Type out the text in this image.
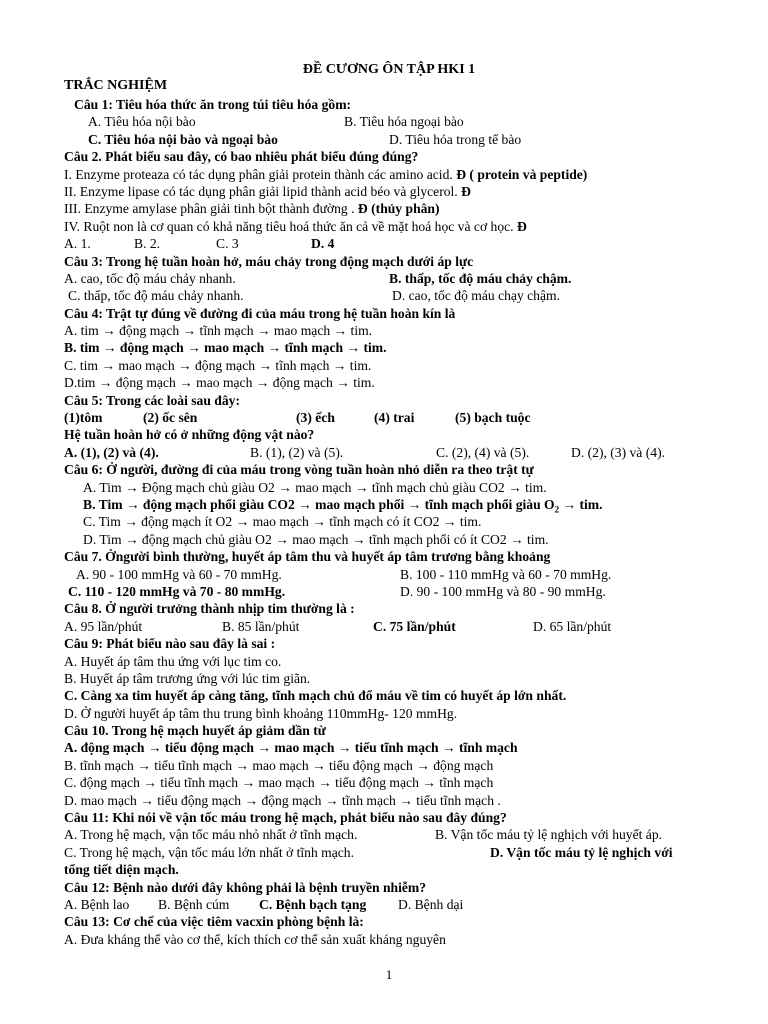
ĐỀ CƯƠNG ÔN TẬP HKI 1
TRẮC NGHIỆM
Câu 1: Tiêu hóa thức ăn trong túi tiêu hóa gồm:
A. Tiêu hóa nội bào	B. Tiêu hóa ngoại bào
C. Tiêu hóa nội bào và ngoại bào	D. Tiêu hóa trong tế bào
Câu 2. Phát biểu sau đây, có bao nhiêu phát biểu đúng đúng?
I. Enzyme proteaza có tác dụng phân giải protein thành các amino acid. Đ ( protein và peptide)
II. Enzyme lipase có tác dụng phân giải lipid thành acid béo và glycerol. Đ
III. Enzyme amylase phân giải tinh bột thành đường . Đ (thủy phân)
IV. Ruột non là cơ quan có khả năng tiêu hoá thức ăn cả về mặt hoá học và cơ học. Đ
A. 1.	B. 2.	C. 3	D. 4
Câu 3: Trong hệ tuần hoàn hở, máu chảy trong động mạch dưới áp lực
A. cao, tốc độ máu chảy nhanh.	B. thấp, tốc độ máu chảy chậm.
C. thấp, tốc độ máu chảy nhanh.	D. cao, tốc độ máu chạy chậm.
Câu 4: Trật tự đúng về đường đi của máu trong hệ tuần hoàn kín là
A. tim → động mạch → tĩnh mạch → mao mạch → tim.
B. tim → động mạch → mao mạch → tĩnh mạch → tim.
C. tim → mao mạch → động mạch → tĩnh mạch → tim.
D.tim → động mạch → mao mạch → động mạch → tim.
Câu 5: Trong các loài sau đây:
(1)tôm	(2) ốc sên	(3) ếch	(4) trai	(5) bạch tuộc
Hệ tuần hoàn hở có ở những động vật nào?
A. (1), (2) và (4).	B. (1), (2) và (5).	C. (2), (4) và (5).	D. (2), (3) và (4).
Câu 6: Ở người, đường đi của máu trong vòng tuần hoàn nhỏ diễn ra theo trật tự
A. Tim → Động mạch chủ giàu O2 → mao mạch → tĩnh mạch chủ giàu CO2 → tim.
B. Tim → động mạch phổi giàu CO2 → mao mạch phổi → tĩnh mạch phổi giàu $O_2$ → tim.
C. Tim → động mạch ít O2 → mao mạch → tĩnh mạch có ít CO2 → tim.
D. Tim → động mạch chủ giàu O2 → mao mạch → tĩnh mạch phổi có ít CO2 → tim.
Câu 7. Ởngười bình thường, huyết áp tâm thu và huyết áp tâm trương bằng khoảng
A. 90 - 100 mmHg và 60 - 70 mmHg.	B. 100 - 110 mmHg và 60 - 70 mmHg.
C. 110 - 120 mmHg và 70 - 80 mmHg.	D. 90 - 100 mmHg và 80 - 90 mmHg.
Câu 8. Ở người trưởng thành nhịp tim thường là :
A. 95 lần/phút	B. 85 lần/phút	C. 75 lần/phút	D. 65 lần/phút
Câu 9: Phát biểu nào sau đây là sai :
A. Huyết áp tâm thu ứng với lục tim co.
B. Huyết áp tâm trương ứng với lúc tim giãn.
C. Càng xa tim huyết áp càng tăng, tĩnh mạch chủ đổ máu về tim có huyết áp lớn nhất.
D. Ở người huyết áp tâm thu trung bình khoảng 110mmHg- 120 mmHg.
Câu 10. Trong hệ mạch huyết áp giảm dần từ
A. động mạch → tiểu động mạch → mao mạch → tiểu tĩnh mạch → tĩnh mạch
B. tĩnh mạch → tiểu tĩnh mạch → mao mạch → tiểu động mạch → động mạch
C. động mạch → tiểu tĩnh mạch → mao mạch → tiểu động mạch → tĩnh mạch
D. mao mạch → tiểu động mạch → động mạch → tĩnh mạch → tiểu tĩnh mạch .
Câu 11: Khi nói về vận tốc máu trong hệ mạch, phát biểu nào sau đây đúng?
A. Trong hệ mạch, vận tốc máu nhỏ nhất ở tĩnh mạch.	B. Vận tốc máu tỷ lệ nghịch với huyết áp.
C. Trong hệ mạch, vận tốc máu lớn nhất ở tĩnh mạch.	D. Vận tốc máu tỷ lệ nghịch với
tổng tiết diện mạch.
Câu 12: Bệnh nào dưới đây không phải là bệnh truyền nhiễm?
A. Bệnh lao B. Bệnh cúm C. Bệnh bạch tạng D. Bệnh dại
Câu 13: Cơ chế của việc tiêm vacxin phòng bệnh là:
A. Đưa kháng thể vào cơ thể, kích thích cơ thể sản xuất kháng nguyên
1
